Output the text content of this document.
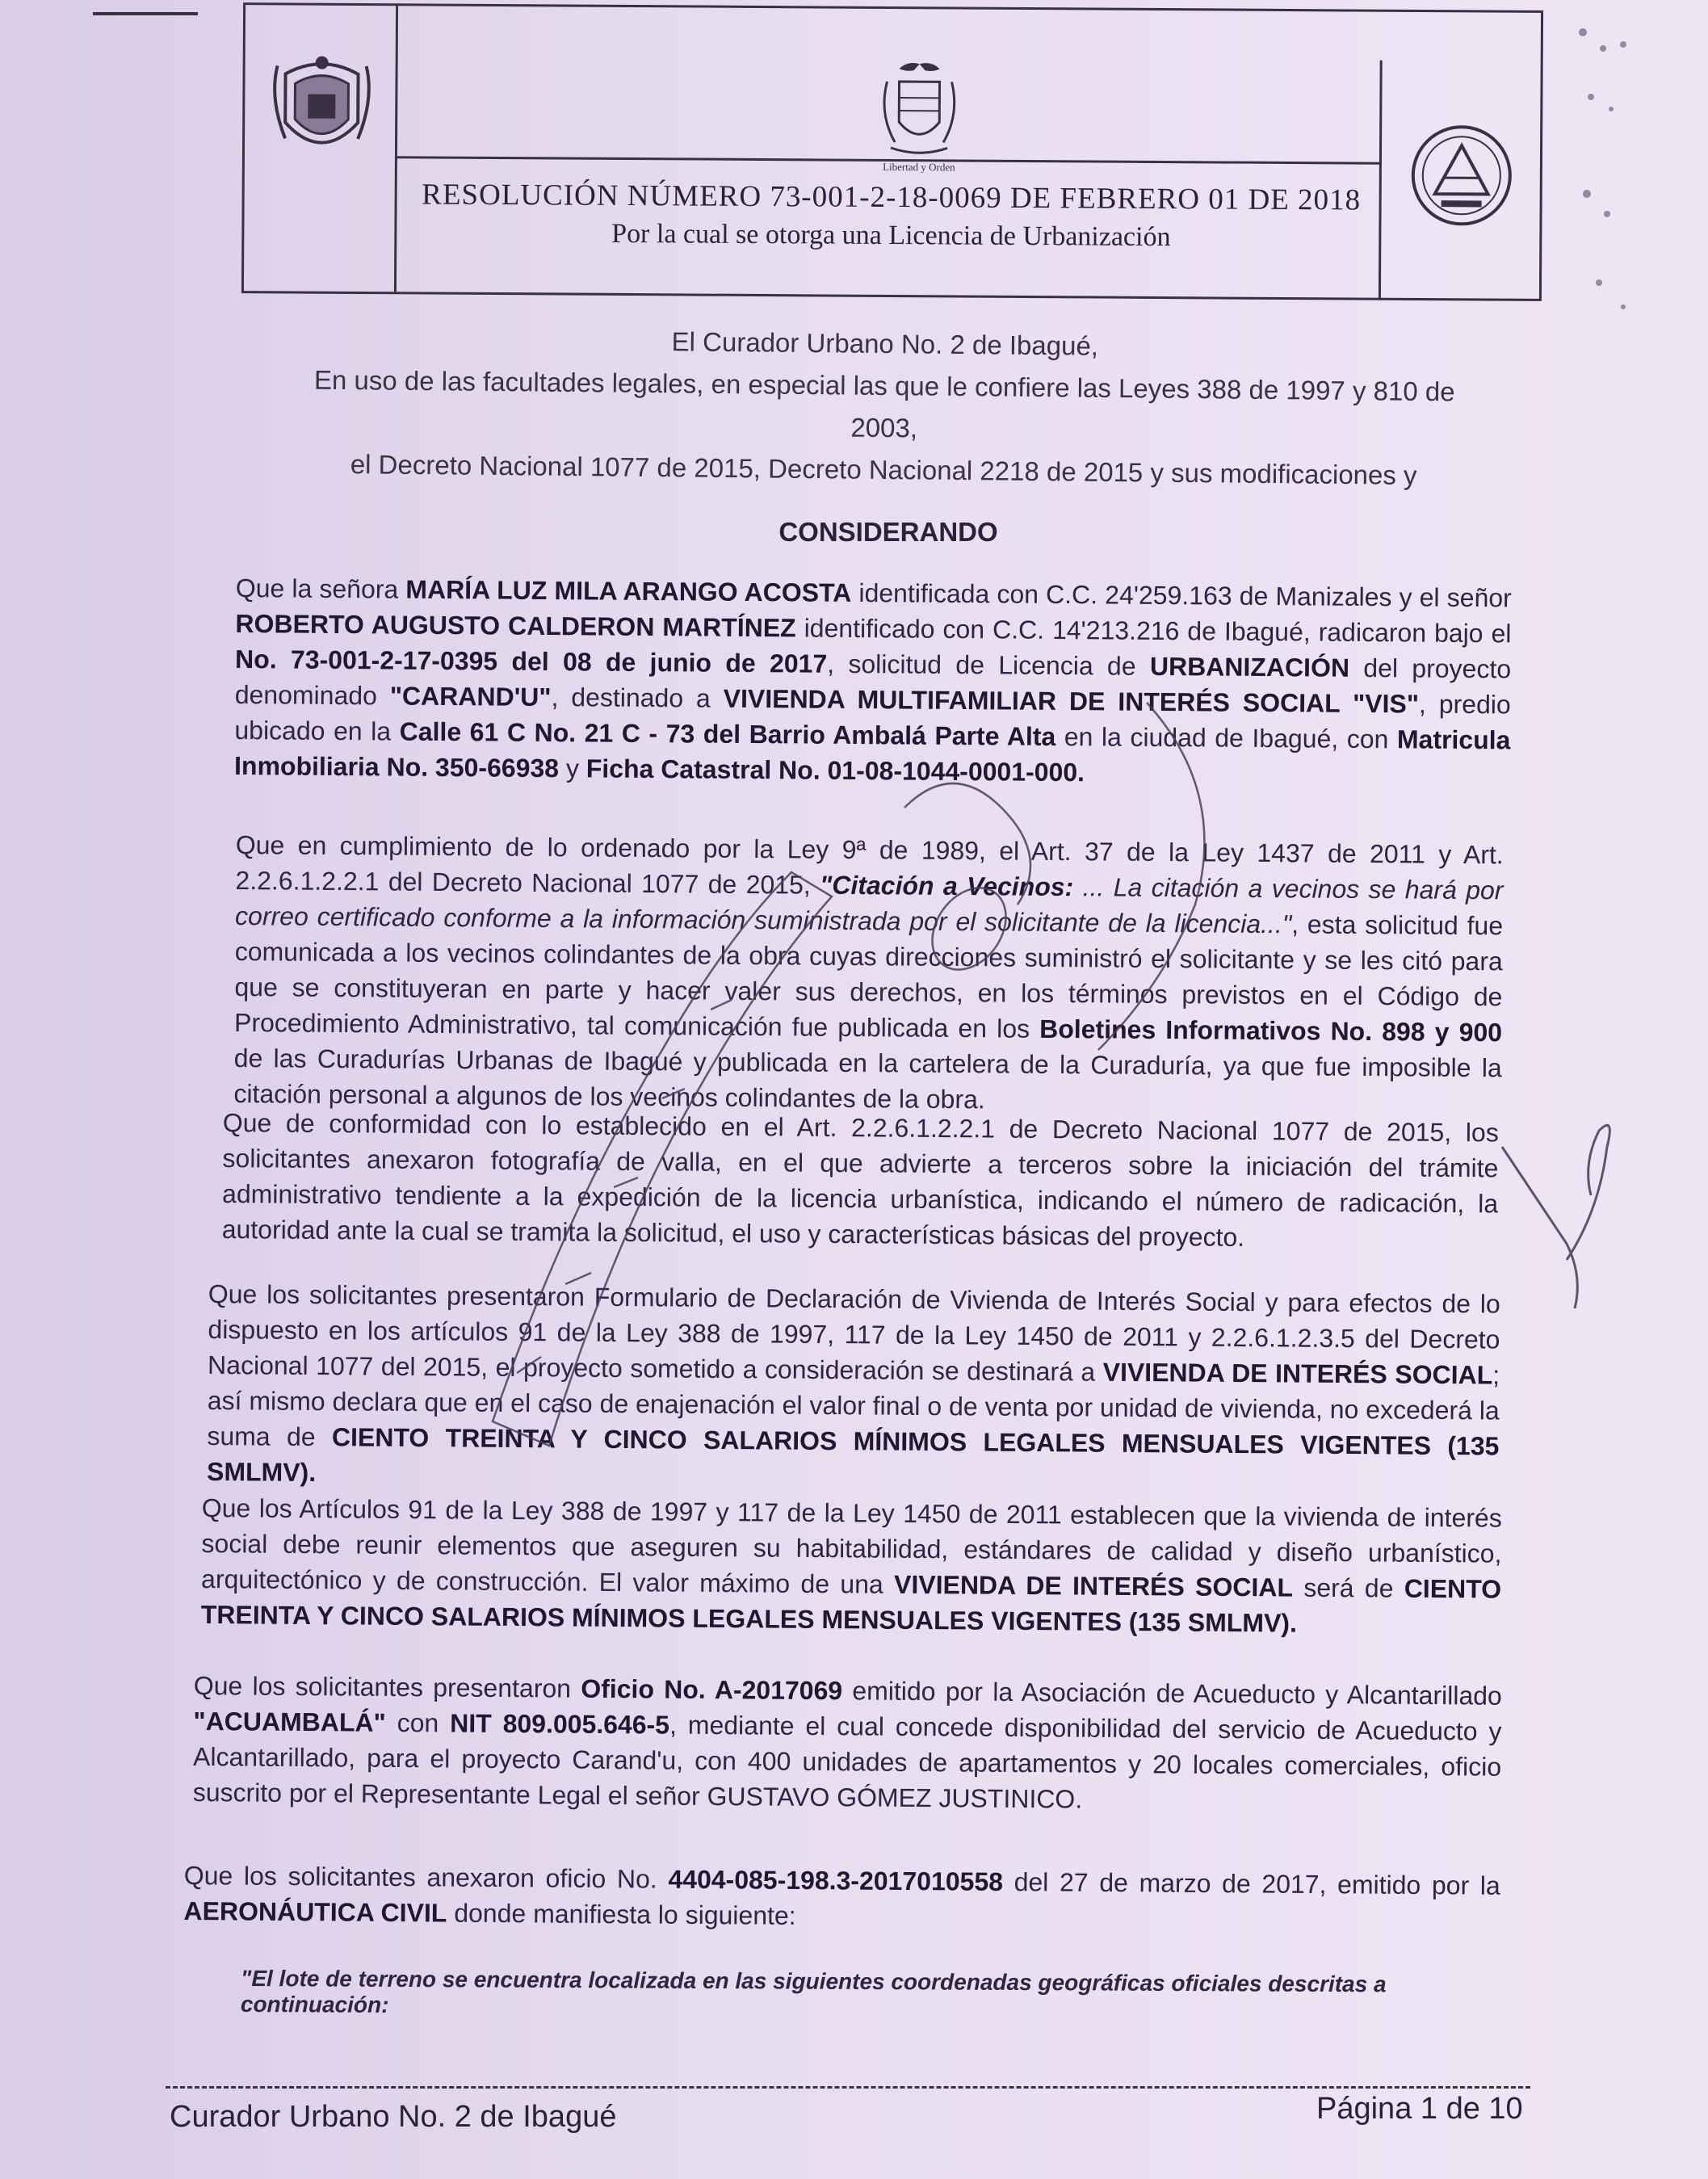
Libertad y Orden
RESOLUCIÓN NÚMERO 73-001-2-18-0069 DE FEBRERO 01 DE 2018
Por la cual se otorga una Licencia de Urbanización

El Curador Urbano No. 2 de Ibagué,

En uso de las facultades legales, en especial las que le confiere las Leyes 388 de 1997 y 810 de 2003,

el Decreto Nacional 1077 de 2015, Decreto Nacional 2218 de 2015 y sus modificaciones y

CONSIDERANDO
Que la señora MARÍA LUZ MILA ARANGO ACOSTA identificada con C.C. 24'259.163 de Manizales y el señor ROBERTO AUGUSTO CALDERON MARTÍNEZ identificado con C.C. 14'213.216 de Ibagué, radicaron bajo el No. 73-001-2-17-0395 del 08 de junio de 2017, solicitud de Licencia de URBANIZACIÓN del proyecto denominado "CARAND'U", destinado a VIVIENDA MULTIFAMILIAR DE INTERÉS SOCIAL "VIS", predio ubicado en la Calle 61 C No. 21 C - 73 del Barrio Ambalá Parte Alta en la ciudad de Ibagué, con Matricula Inmobiliaria No. 350-66938 y Ficha Catastral No. 01-08-1044-0001-000.
Que en cumplimiento de lo ordenado por la Ley 9ª de 1989, el Art. 37 de la Ley 1437 de 2011 y Art. 2.2.6.1.2.2.1 del Decreto Nacional 1077 de 2015, "Citación a Vecinos: ... La citación a vecinos se hará por correo certificado conforme a la información suministrada por el solicitante de la licencia...", esta solicitud fue comunicada a los vecinos colindantes de la obra cuyas direcciones suministró el solicitante y se les citó para que se constituyeran en parte y hacer valer sus derechos, en los términos previstos en el Código de Procedimiento Administrativo, tal comunicación fue publicada en los Boletines Informativos No. 898 y 900 de las Curadurías Urbanas de Ibagué y publicada en la cartelera de la Curaduría, ya que fue imposible la citación personal a algunos de los vecinos colindantes de la obra.
Que de conformidad con lo establecido en el Art. 2.2.6.1.2.2.1 de Decreto Nacional 1077 de 2015, los solicitantes anexaron fotografía de valla, en el que advierte a terceros sobre la iniciación del trámite administrativo tendiente a la expedición de la licencia urbanística, indicando el número de radicación, la autoridad ante la cual se tramita la solicitud, el uso y características básicas del proyecto.
Que los solicitantes presentaron Formulario de Declaración de Vivienda de Interés Social y para efectos de lo dispuesto en los artículos 91 de la Ley 388 de 1997, 117 de la Ley 1450 de 2011 y 2.2.6.1.2.3.5 del Decreto Nacional 1077 del 2015, el proyecto sometido a consideración se destinará a VIVIENDA DE INTERÉS SOCIAL; así mismo declara que en el caso de enajenación el valor final o de venta por unidad de vivienda, no excederá la suma de CIENTO TREINTA Y CINCO SALARIOS MÍNIMOS LEGALES MENSUALES VIGENTES (135 SMLMV).
Que los Artículos 91 de la Ley 388 de 1997 y 117 de la Ley 1450 de 2011 establecen que la vivienda de interés social debe reunir elementos que aseguren su habitabilidad, estándares de calidad y diseño urbanístico, arquitectónico y de construcción. El valor máximo de una VIVIENDA DE INTERÉS SOCIAL será de CIENTO TREINTA Y CINCO SALARIOS MÍNIMOS LEGALES MENSUALES VIGENTES (135 SMLMV).
Que los solicitantes presentaron Oficio No. A-2017069 emitido por la Asociación de Acueducto y Alcantarillado "ACUAMBALÁ" con NIT 809.005.646-5, mediante el cual concede disponibilidad del servicio de Acueducto y Alcantarillado, para el proyecto Carand'u, con 400 unidades de apartamentos y 20 locales comerciales, oficio suscrito por el Representante Legal el señor GUSTAVO GÓMEZ JUSTINICO.
Que los solicitantes anexaron oficio No. 4404-085-198.3-2017010558 del 27 de marzo de 2017, emitido por la AERONÁUTICA CIVIL donde manifiesta lo siguiente:
"El lote de terreno se encuentra localizada en las siguientes coordenadas geográficas oficiales descritas a continuación:
Curador Urbano No. 2 de Ibagué	Página 1 de 10
